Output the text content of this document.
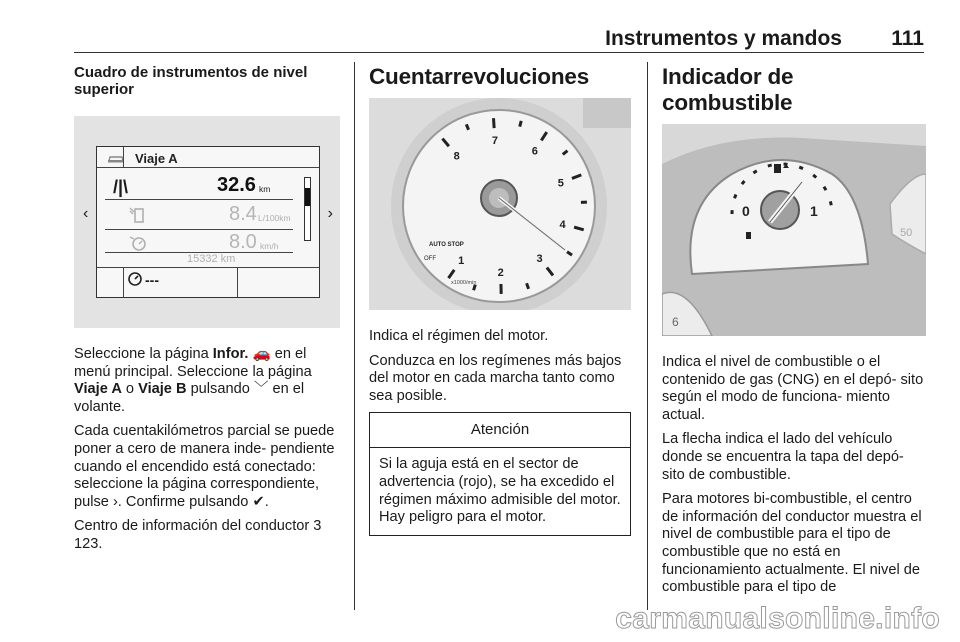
Instrumentos y mandos 111
Cuadro de instrumentos de nivel superior
Viaje A
/|\	32.6 km
8.4 L/100km
8.0 km/h
15332 km
---
‹	›

Seleccione la página Infor. 🚗 en el menú principal. Seleccione la página Viaje A o Viaje B pulsando ﹀ en el volante.

Cada cuentakilómetros parcial se puede poner a cero de manera inde‐ pendiente cuando el encendido está conectado: seleccione la página correspondiente, pulse ›. Confirme pulsando ✔.

Centro de información del conductor 3 123.

Cuentarrevoluciones
1
2
3
4
5
6
7
8
AUTO STOP
OFF
x1000/min

Indica el régimen del motor.

Conduzca en los regímenes más bajos del motor en cada marcha tanto como sea posible.

Atención
Si la aguja está en el sector de advertencia (rojo), se ha excedido el régimen máximo admisible del motor. Hay peligro para el motor.
Indicador de combustible
0	1
50
6

Indica el nivel de combustible o el contenido de gas (CNG) en el depó‐ sito según el modo de funciona‐ miento actual.

La flecha indica el lado del vehículo donde se encuentra la tapa del depó‐ sito de combustible.

Para motores bi-combustible, el centro de información del conductor muestra el nivel de combustible para el tipo de combustible que no está en funcionamiento actualmente. El nivel de combustible para el tipo de

carmanualsonline.info
